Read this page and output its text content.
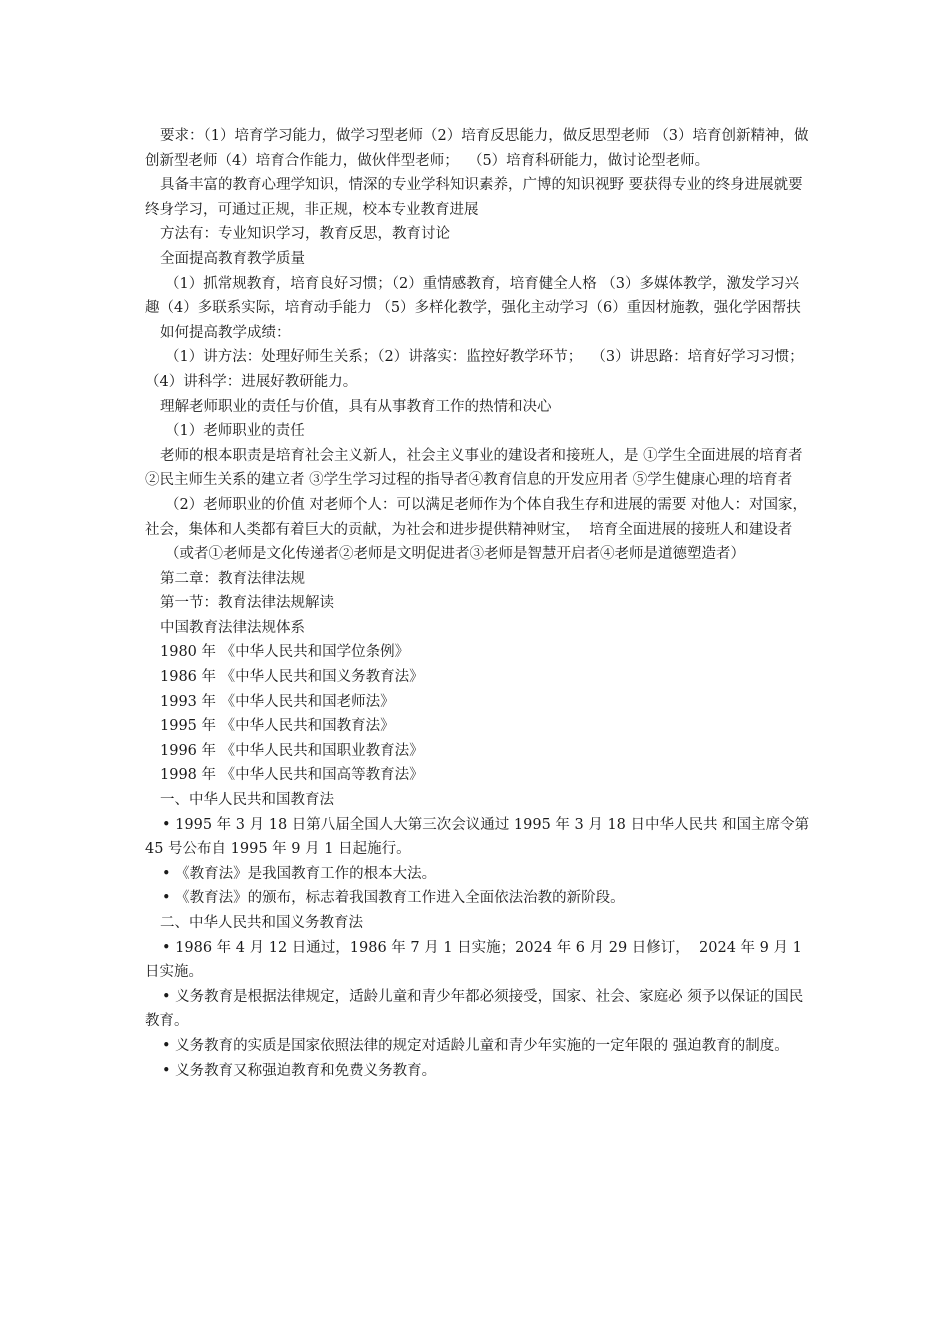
要求：（1）培育学习能力，做学习型老师（2）培育反思能力，做反思型老师 （3）培育创新精神，做创新型老师（4）培育合作能力，做伙伴型老师；  （5）培育科研能力，做讨论型老师。

具备丰富的教育心理学知识，情深的专业学科知识素养，广博的知识视野 要获得专业的终身进展就要终身学习，可通过正规，非正规，校本专业教育进展

方法有：专业知识学习，教育反思，教育讨论

全面提高教育教学质量

（1）抓常规教育，培育良好习惯；（2）重情感教育，培育健全人格 （3）多媒体教学，激发学习兴趣（4）多联系实际，培育动手能力 （5）多样化教学，强化主动学习（6）重因材施教，强化学困帮扶

如何提高教学成绩：

（1）讲方法：处理好师生关系；（2）讲落实：监控好教学环节；  （3）讲思路：培育好学习习惯；（4）讲科学：进展好教研能力。

理解老师职业的责任与价值，具有从事教育工作的热情和决心

（1）老师职业的责任

老师的根本职责是培育社会主义新人，社会主义事业的建设者和接班人，是 ①学生全面进展的培育者②民主师生关系的建立者 ③学生学习过程的指导者④教育信息的开发应用者 ⑤学生健康心理的培育者

（2）老师职业的价值 对老师个人：可以满足老师作为个体自我生存和进展的需要 对他人：对国家，社会，集体和人类都有着巨大的贡献，为社会和进步提供精神财宝，  培育全面进展的接班人和建设者

（或者①老师是文化传递者②老师是文明促进者③老师是智慧开启者④老师是道德塑造者）

第二章：教育法律法规

第一节：教育法律法规解读

中国教育法律法规体系

1980 年 《中华人民共和国学位条例》

1986 年 《中华人民共和国义务教育法》

1993 年 《中华人民共和国老师法》

1995 年 《中华人民共和国教育法》

1996 年 《中华人民共和国职业教育法》

1998 年 《中华人民共和国高等教育法》

一、中华人民共和国教育法

• 1995 年 3 月 18 日第八届全国人大第三次会议通过 1995 年 3 月 18 日中华人民共 和国主席令第 45 号公布自 1995 年 9 月 1 日起施行。

• 《教育法》是我国教育工作的根本大法。

• 《教育法》的颁布，标志着我国教育工作进入全面依法治教的新阶段。

二、中华人民共和国义务教育法

• 1986 年 4 月 12 日通过，1986 年 7 月 1 日实施；2024 年 6 月 29 日修订，  2024 年 9 月 1 日实施。

• 义务教育是根据法律规定，适龄儿童和青少年都必须接受，国家、社会、家庭必 须予以保证的国民教育。

• 义务教育的实质是国家依照法律的规定对适龄儿童和青少年实施的一定年限的 强迫教育的制度。

• 义务教育又称强迫教育和免费义务教育。
